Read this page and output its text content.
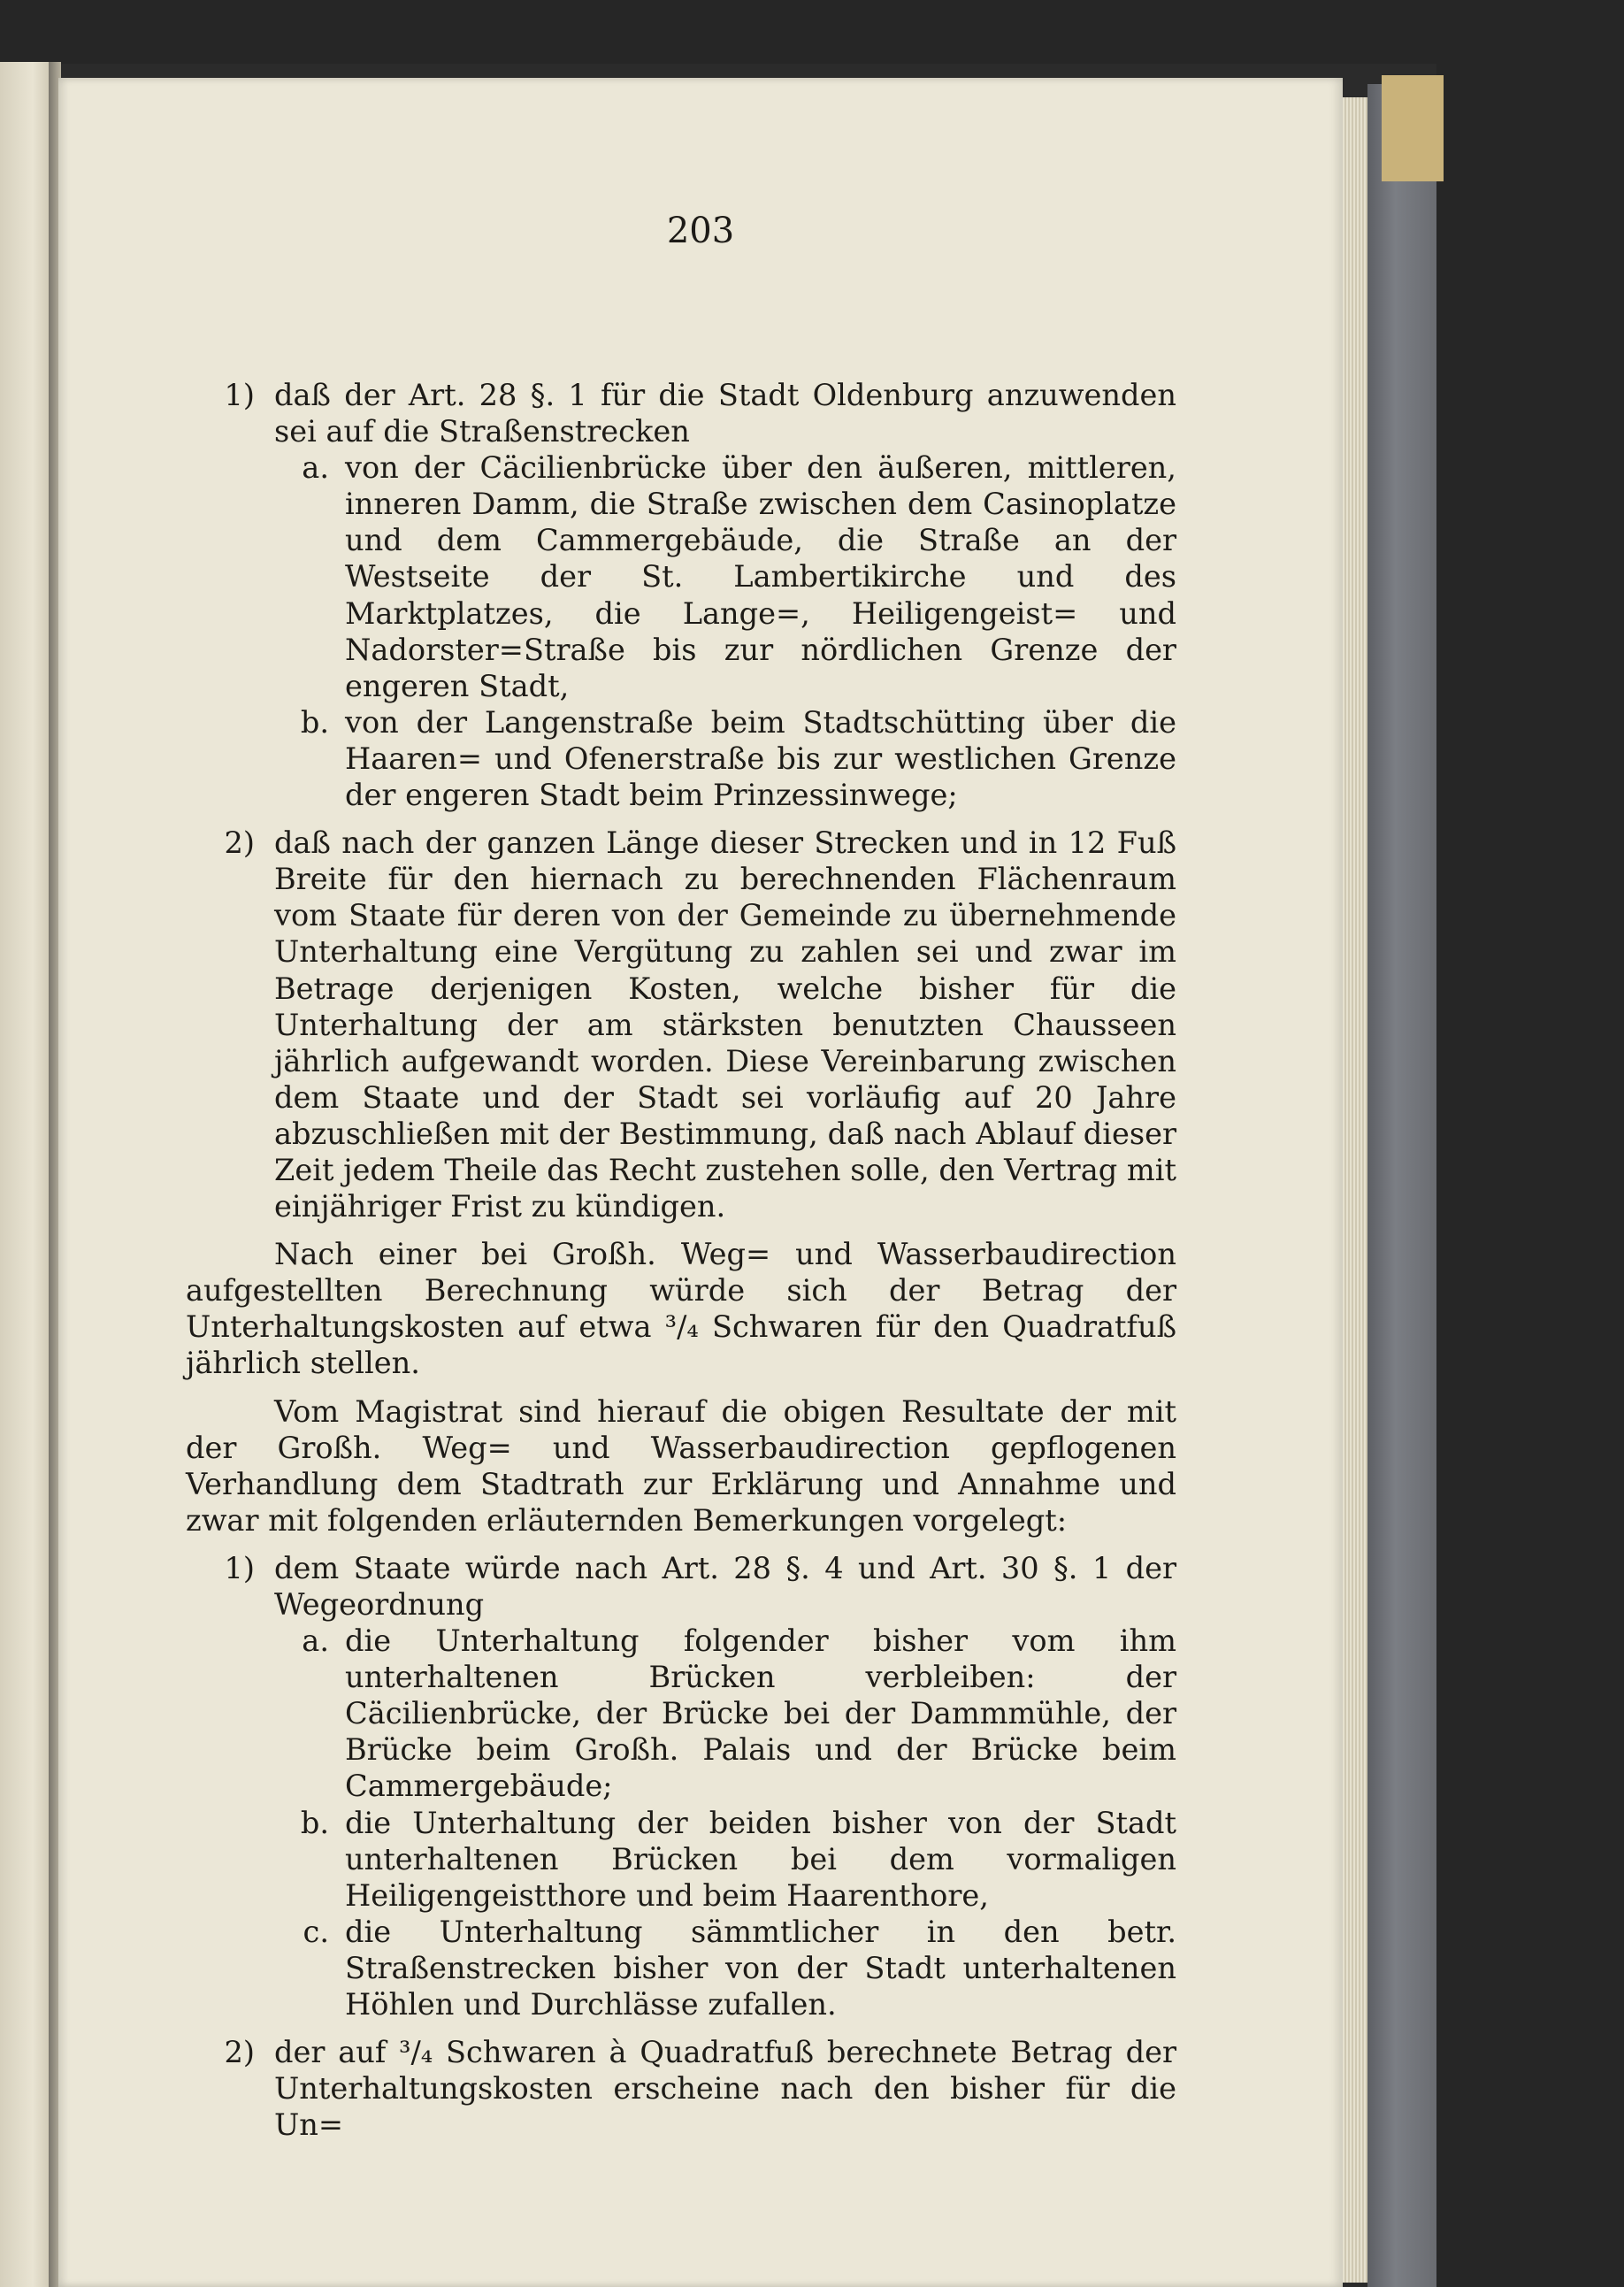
203
1) daß der Art. 28 §. 1 für die Stadt Oldenburg anzuwenden sei auf die Straßenstrecken

a. von der Cäcilienbrücke über den äußeren, mittleren, inneren Damm, die Straße zwischen dem Casinoplatze und dem Cammergebäude, die Straße an der Westseite der St. Lambertikirche und des Marktplatzes, die Lange=, Heiligengeist= und Nadorster=Straße bis zur nördlichen Grenze der engeren Stadt,
b. von der Langenstraße beim Stadtschütting über die Haaren= und Ofenerstraße bis zur westlichen Grenze der engeren Stadt beim Prinzessinwege;
2) daß nach der ganzen Länge dieser Strecken und in 12 Fuß Breite für den hiernach zu berechnenden Flächenraum vom Staate für deren von der Gemeinde zu übernehmende Unterhaltung eine Vergütung zu zahlen sei und zwar im Betrage derjenigen Kosten, welche bisher für die Unterhaltung der am stärksten benutzten Chausseen jährlich aufgewandt worden. Diese Vereinbarung zwischen dem Staate und der Stadt sei vorläufig auf 20 Jahre abzuschließen mit der Bestimmung, daß nach Ablauf dieser Zeit jedem Theile das Recht zustehen solle, den Vertrag mit einjähriger Frist zu kündigen.

Nach einer bei Großh. Weg= und Wasserbaudirection aufgestellten Berechnung würde sich der Betrag der Unterhaltungskosten auf etwa ³/₄ Schwaren für den Quadratfuß jährlich stellen.

Vom Magistrat sind hierauf die obigen Resultate der mit der Großh. Weg= und Wasserbaudirection gepflogenen Verhandlung dem Stadtrath zur Erklärung und Annahme und zwar mit folgenden erläuternden Bemerkungen vorgelegt:

1) dem Staate würde nach Art. 28 §. 4 und Art. 30 §. 1 der Wegeordnung

a. die Unterhaltung folgender bisher vom ihm unterhaltenen Brücken verbleiben: der Cäcilienbrücke, der Brücke bei der Dammmühle, der Brücke beim Großh. Palais und der Brücke beim Cammergebäude;
b. die Unterhaltung der beiden bisher von der Stadt unterhaltenen Brücken bei dem vormaligen Heiligengeistthore und beim Haarenthore,
c. die Unterhaltung sämmtlicher in den betr. Straßenstrecken bisher von der Stadt unterhaltenen Höhlen und Durchlässe zufallen.
2) der auf ³/₄ Schwaren à Quadratfuß berechnete Betrag der Unterhaltungskosten erscheine nach den bisher für die Un=
